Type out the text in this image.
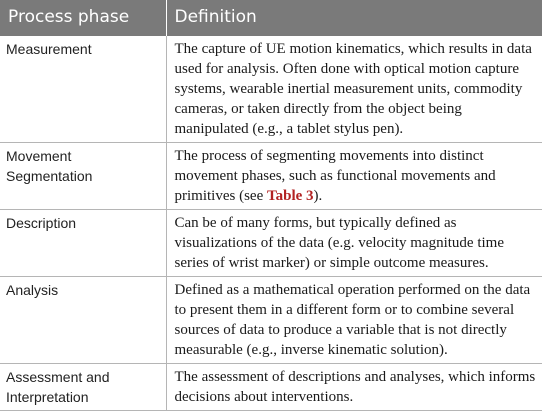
Process phase	Definition
Measurement	The capture of UE motion kinematics, which results in data used for analysis. Often done with optical motion capture systems, wearable inertial measurement units, commodity cameras, or taken directly from the object being manipulated (e.g., a tablet stylus pen).
Movement Segmentation	The process of segmenting movements into distinct movement phases, such as functional movements and primitives (see Table 3).
Description	Can be of many forms, but typically defined as visualizations of the data (e.g. velocity magnitude time series of wrist marker) or simple outcome measures.
Analysis	Defined as a mathematical operation performed on the data to present them in a different form or to combine several sources of data to produce a variable that is not directly measurable (e.g., inverse kinematic solution).
Assessment and Interpretation	The assessment of descriptions and analyses, which informs decisions about interventions.
